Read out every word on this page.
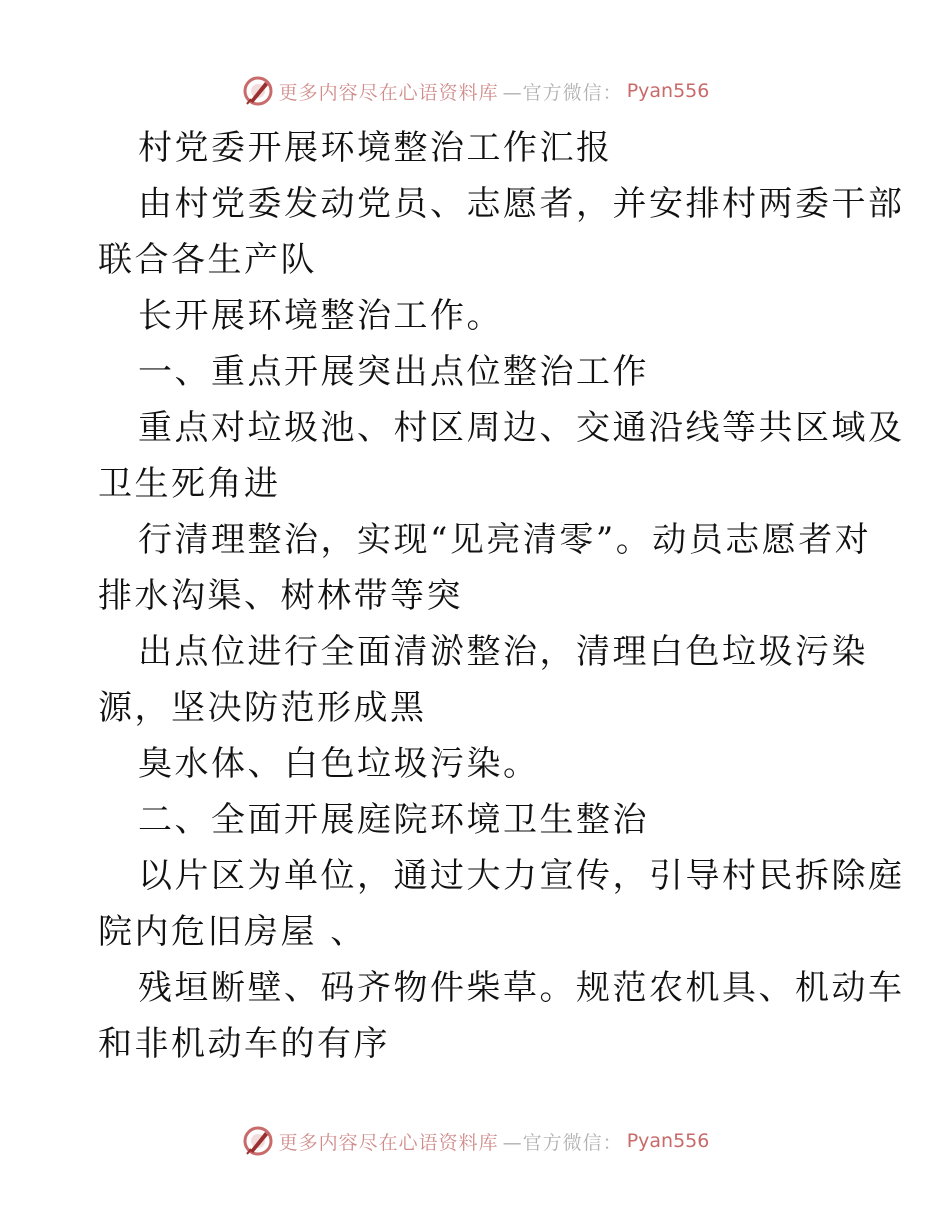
更多内容尽在心语资料库 —官方微信： Pyan556

村党委开展环境整治工作汇报

由村党委发动党员、志愿者，并安排村两委干部

联合各生产队

长开展环境整治工作。

一、重点开展突出点位整治工作

重点对垃圾池、村区周边、交通沿线等共区域及

卫生死角进

行清理整治，实现“见亮清零”。动员志愿者对

排水沟渠、树林带等突

出点位进行全面清淤整治，清理白色垃圾污染

源，坚决防范形成黑

臭水体、白色垃圾污染。

二、全面开展庭院环境卫生整治

以片区为单位，通过大力宣传，引导村民拆除庭

院内危旧房屋 、

残垣断壁、码齐物件柴草。规范农机具、机动车

和非机动车的有序

更多内容尽在心语资料库 —官方微信： Pyan556
